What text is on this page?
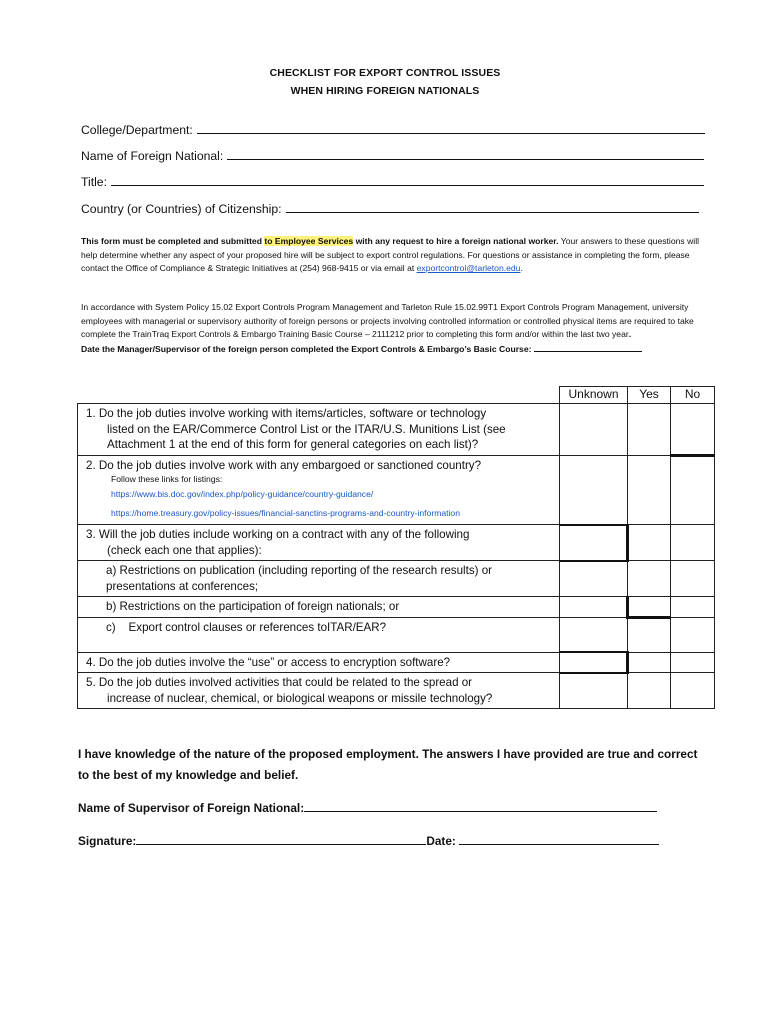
CHECKLIST FOR EXPORT CONTROL ISSUES
WHEN HIRING FOREIGN NATIONALS
College/Department:
Name of Foreign National:
Title:
Country (or Countries) of Citizenship:
This form must be completed and submitted to Employee Services with any request to hire a foreign national worker. Your answers to these questions will help determine whether any aspect of your proposed hire will be subject to export control regulations. For questions or assistance in completing the form, please contact the Office of Compliance & Strategic Initiatives at (254) 968-9415 or via email at exportcontrol@tarleton.edu.
In accordance with System Policy 15.02 Export Controls Program Management and Tarleton Rule 15.02.99T1 Export Controls Program Management, university employees with managerial or supervisory authority of foreign persons or projects involving controlled information or controlled physical items are required to take complete the TrainTraq Export Controls & Embargo Training Basic Course – 2111212 prior to completing this form and/or within the last two year.
Date the Manager/Supervisor of the foreign person completed the Export Controls & Embargo’s Basic Course:
	Unknown	Yes	No
1. Do the job duties involve working with items/articles, software or technology
listed on the EAR/Commerce Control List or the ITAR/U.S. Munitions List (see Attachment 1 at the end of this form for general categories on each list)?			

2. Do the job duties involve work with any embargoed or sanctioned country?
Follow these links for listings:
https://www.bis.doc.gov/index.php/policy-guidance/country-guidance/
https://home.treasury.gov/policy-issues/financial-sanctins-programs-and-country-information			

3. Will the job duties include working on a contract with any of the following
(check each one that applies):			

a) Restrictions on publication (including reporting of the research results) or presentations at conferences;			
b) Restrictions on the participation of foreign nationals; or			
c)    Export control clauses or references toITAR/EAR?			
4. Do the job duties involve the “use” or access to encryption software?			
5. Do the job duties involved activities that could be related to the spread or
increase of nuclear, chemical, or biological weapons or missile technology?			

I have knowledge of the nature of the proposed employment. The answers I have provided are true and correct to the best of my knowledge and belief.
Name of Supervisor of Foreign National:
Signature:	Date:
